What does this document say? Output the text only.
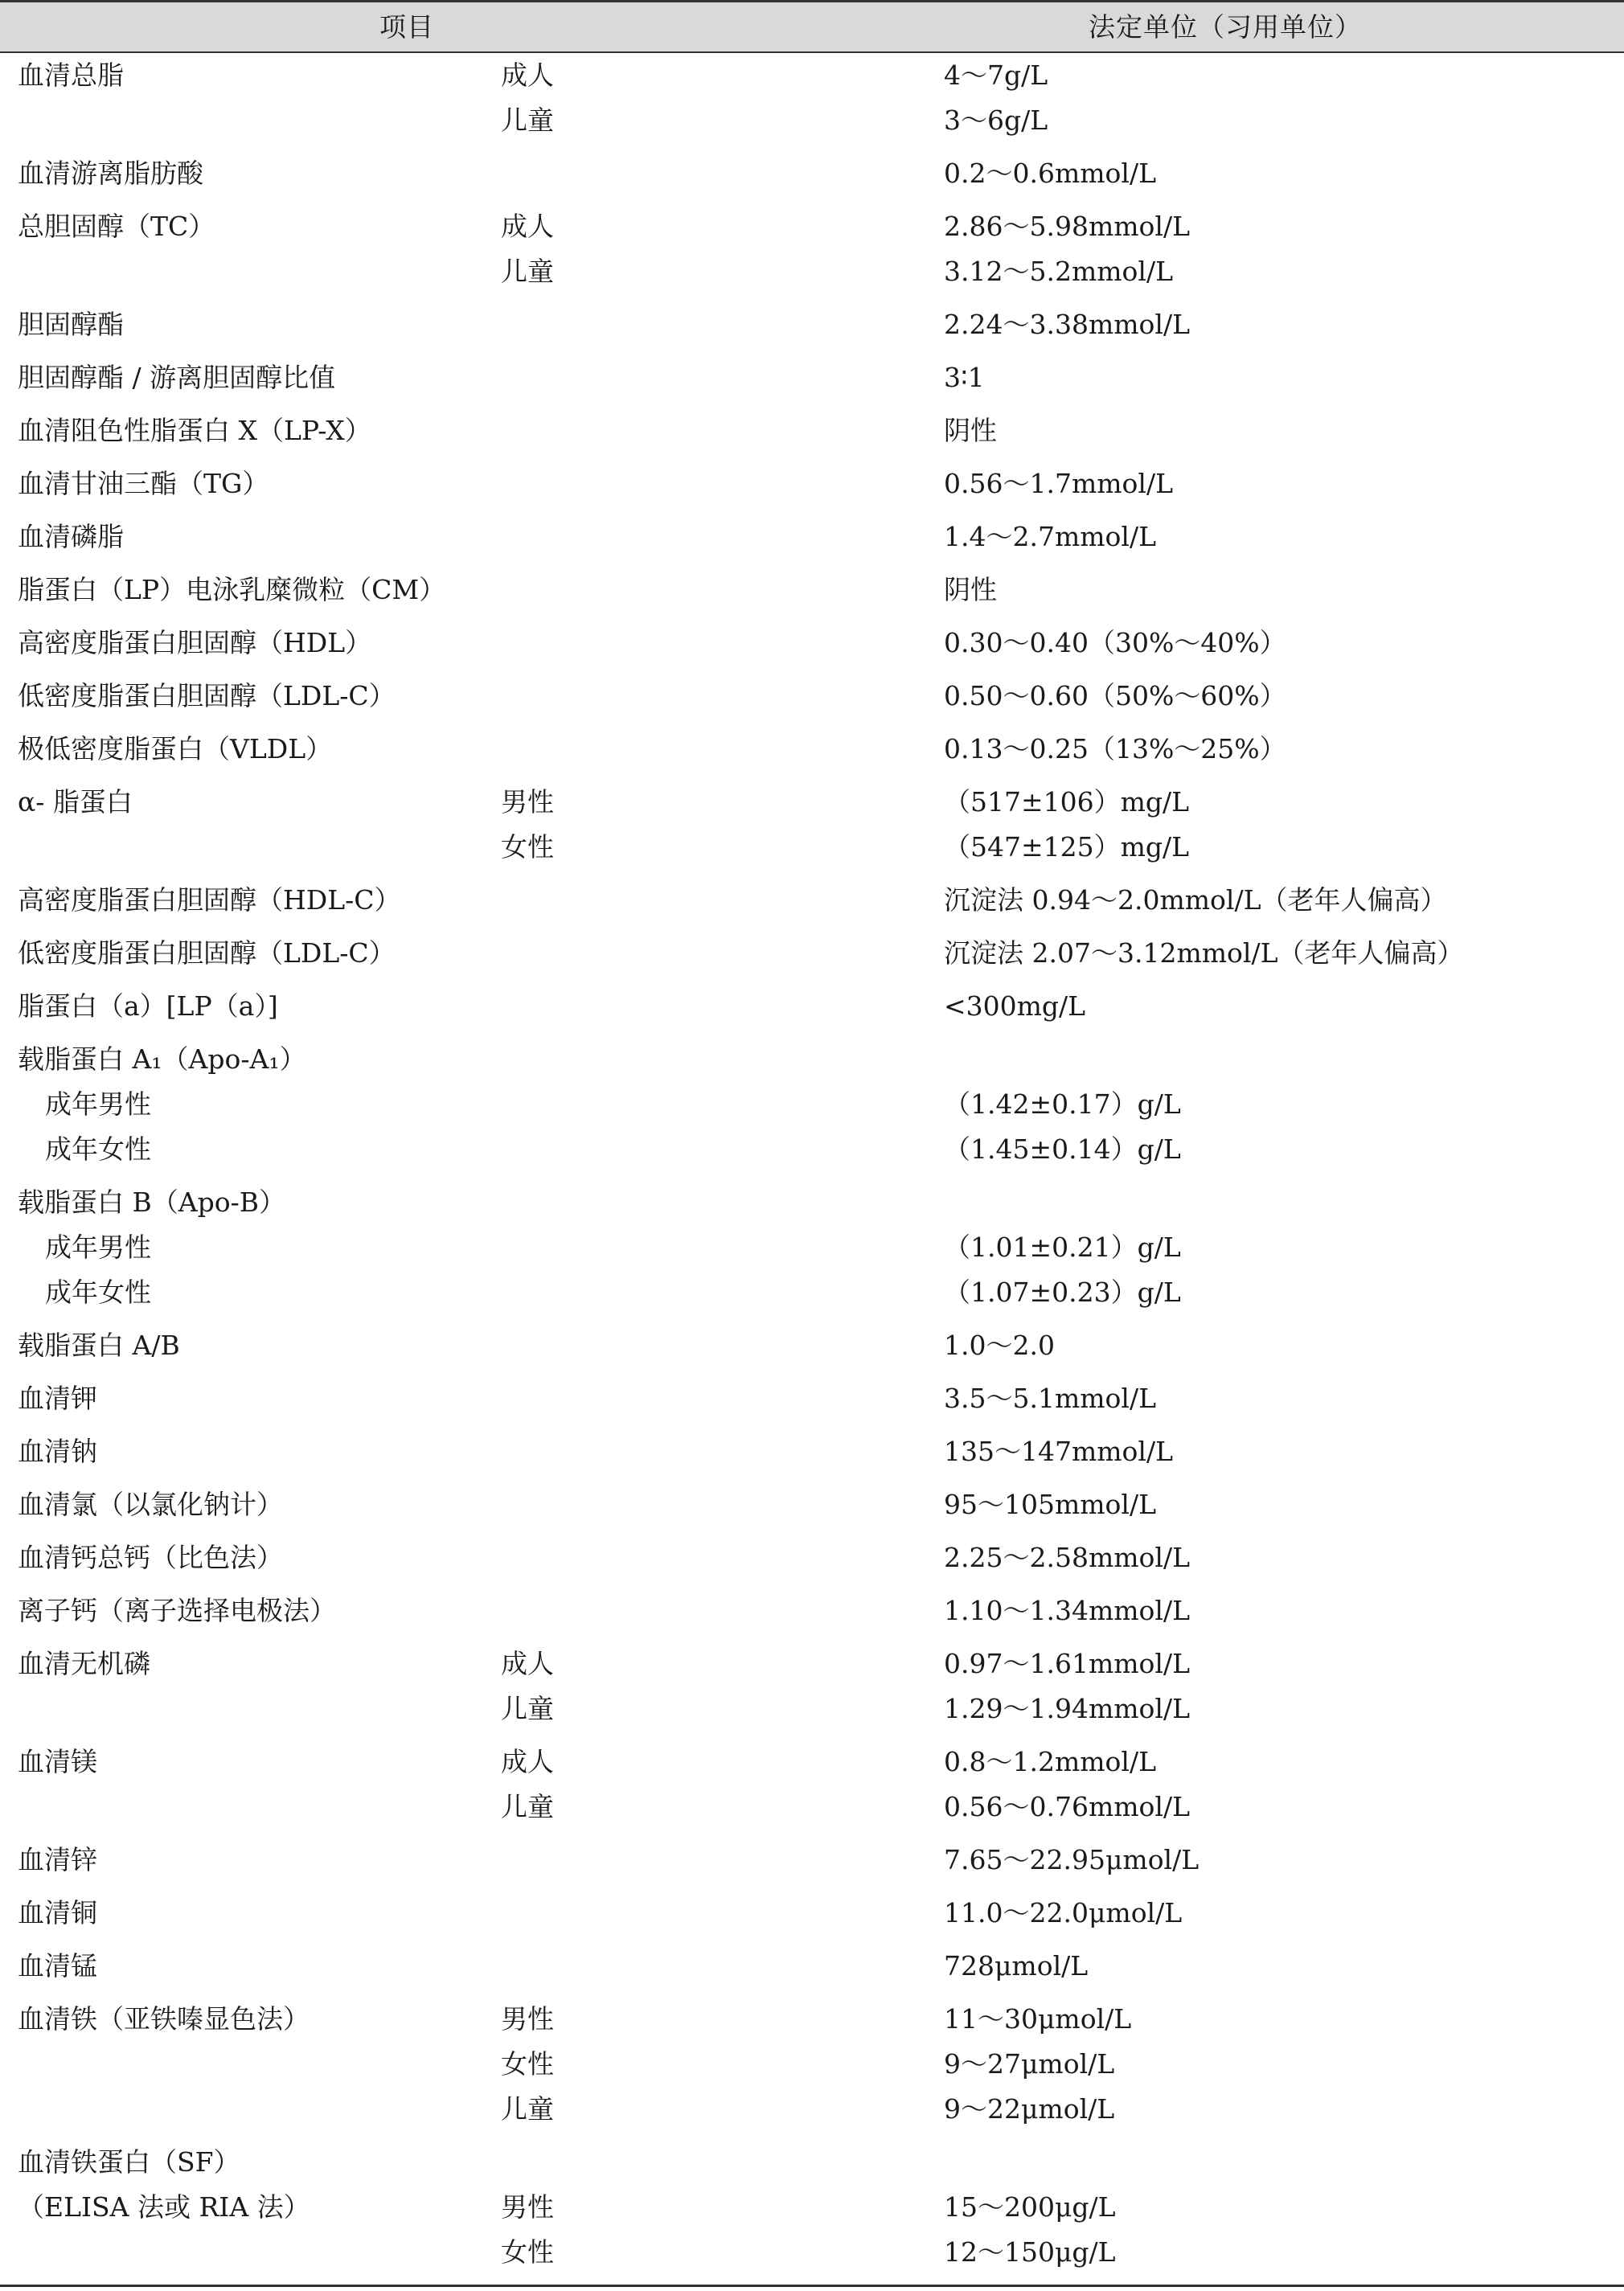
项目	法定单位（习用单位）
血清总脂	成人	4～7g/L
儿童	3～6g/L
血清游离脂肪酸	0.2～0.6mmol/L
总胆固醇（TC）	成人	2.86～5.98mmol/L
儿童	3.12～5.2mmol/L
胆固醇酯	2.24～3.38mmol/L
胆固醇酯 / 游离胆固醇比值	3∶1
血清阻色性脂蛋白 X（LP-X）	阴性
血清甘油三酯（TG）	0.56～1.7mmol/L
血清磷脂	1.4～2.7mmol/L
脂蛋白（LP）电泳乳糜微粒（CM）	阴性
高密度脂蛋白胆固醇（HDL）	0.30～0.40（30%～40%）
低密度脂蛋白胆固醇（LDL-C）	0.50～0.60（50%～60%）
极低密度脂蛋白（VLDL）	0.13～0.25（13%～25%）
α- 脂蛋白	男性	（517±106）mg/L
女性	（547±125）mg/L
高密度脂蛋白胆固醇（HDL-C）	沉淀法 0.94～2.0mmol/L（老年人偏高）
低密度脂蛋白胆固醇（LDL-C）	沉淀法 2.07～3.12mmol/L（老年人偏高）
脂蛋白（a）[LP（a）]	<300mg/L
载脂蛋白 A₁（Apo-A₁）
成年男性	（1.42±0.17）g/L
成年女性	（1.45±0.14）g/L
载脂蛋白 B（Apo-B）
成年男性	（1.01±0.21）g/L
成年女性	（1.07±0.23）g/L
载脂蛋白 A/B	1.0～2.0
血清钾	3.5～5.1mmol/L
血清钠	135～147mmol/L
血清氯（以氯化钠计）	95～105mmol/L
血清钙总钙（比色法）	2.25～2.58mmol/L
离子钙（离子选择电极法）	1.10～1.34mmol/L
血清无机磷	成人	0.97～1.61mmol/L
儿童	1.29～1.94mmol/L
血清镁	成人	0.8～1.2mmol/L
儿童	0.56～0.76mmol/L
血清锌	7.65～22.95μmol/L
血清铜	11.0～22.0μmol/L
血清锰	728μmol/L
血清铁（亚铁嗪显色法）	男性	11～30μmol/L
女性	9～27μmol/L
儿童	9～22μmol/L
血清铁蛋白（SF）
（ELISA 法或 RIA 法）	男性	15～200μg/L
女性	12～150μg/L
